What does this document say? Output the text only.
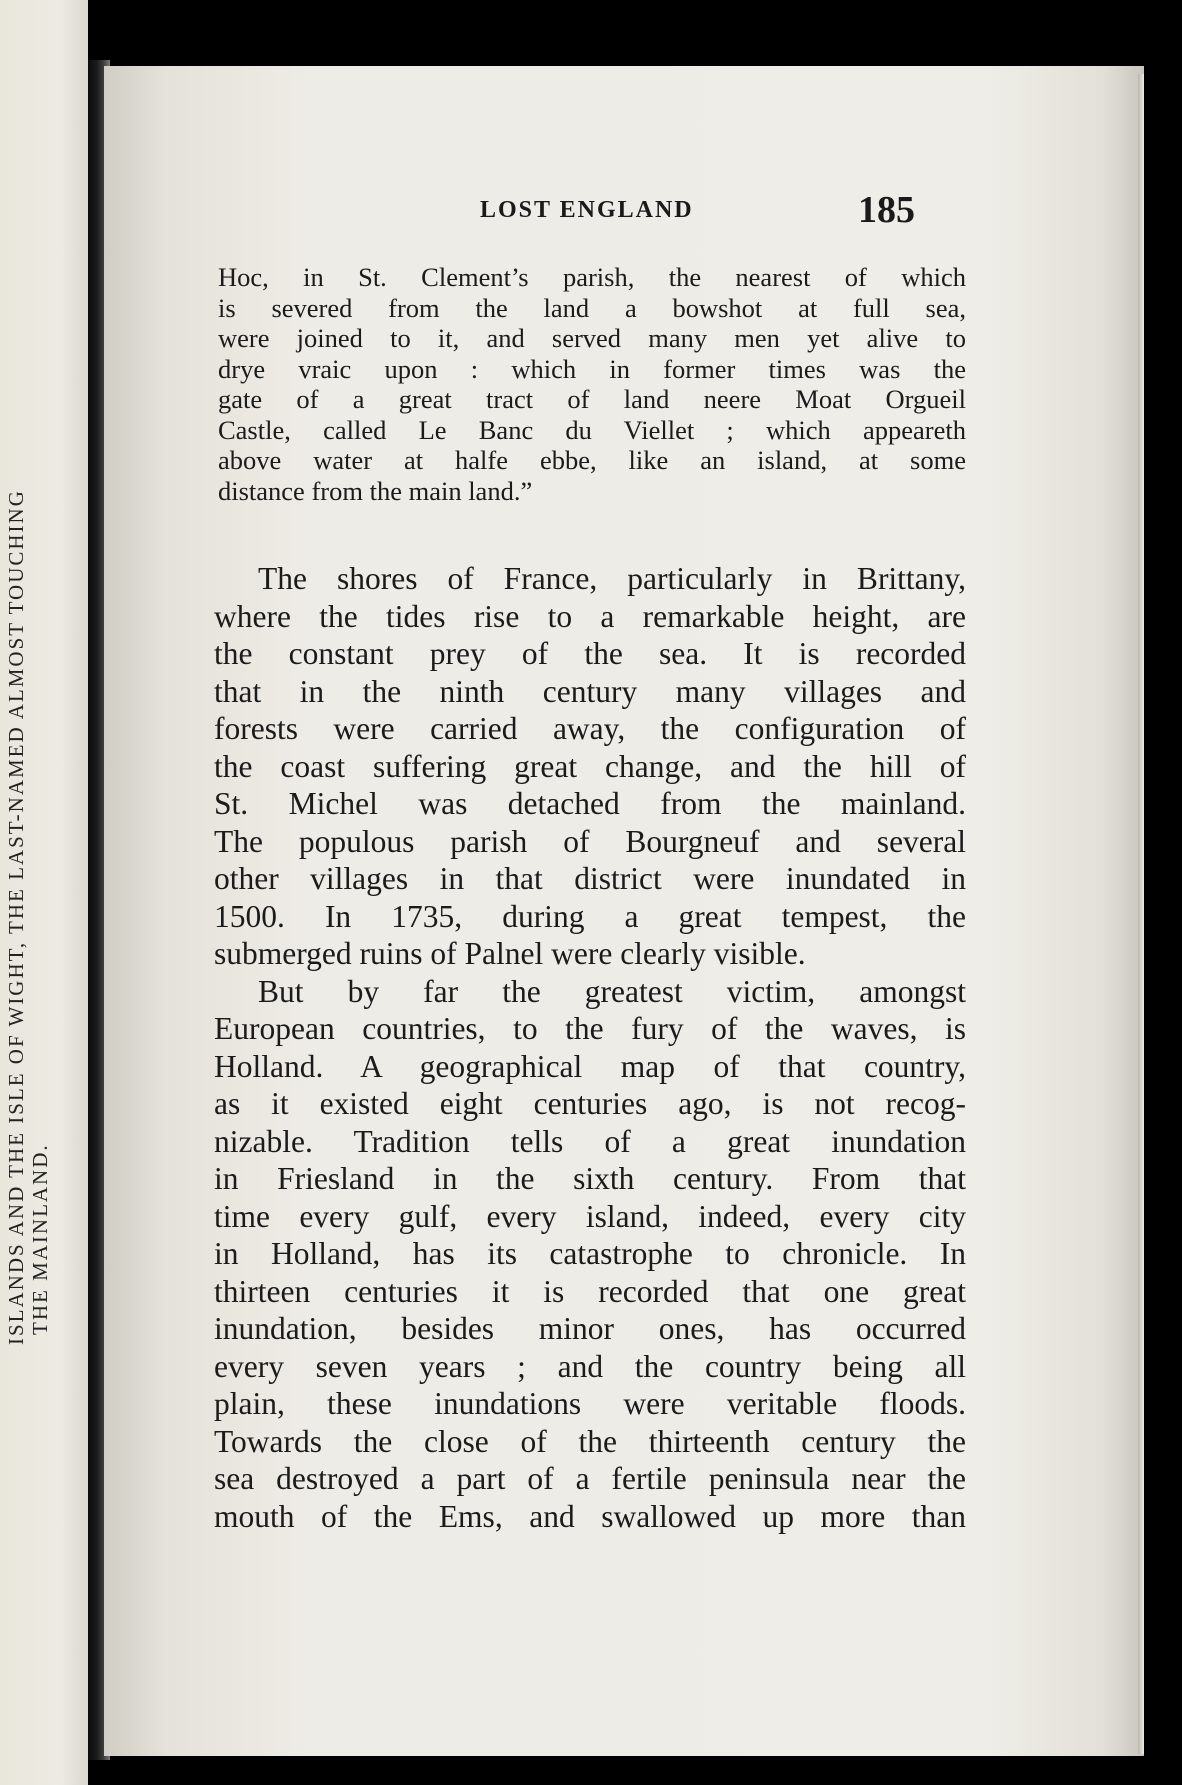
ISLANDS AND THE ISLE OF WIGHT, THE LAST-NAMED ALMOST TOUCHING THE MAINLAND.
LOST ENGLAND	185
Hoc, in St. Clement’s parish, the nearest of which
is severed from the land a bowshot at full sea,
were joined to it, and served many men yet alive to
drye vraic upon : which in former times was the
gate of a great tract of land neere Moat Orgueil
Castle, called Le Banc du Viellet ; which appeareth
above water at halfe ebbe, like an island, at some
distance from the main land.”
The shores of France, particularly in Brittany,
where the tides rise to a remarkable height, are
the constant prey of the sea. It is recorded
that in the ninth century many villages and
forests were carried away, the configuration of
the coast suffering great change, and the hill of
St. Michel was detached from the mainland.
The populous parish of Bourgneuf and several
other villages in that district were inundated in
1500. In 1735, during a great tempest, the
submerged ruins of Palnel were clearly visible.
But by far the greatest victim, amongst
European countries, to the fury of the waves, is
Holland. A geographical map of that country,
as it existed eight centuries ago, is not recog-
nizable. Tradition tells of a great inundation
in Friesland in the sixth century. From that
time every gulf, every island, indeed, every city
in Holland, has its catastrophe to chronicle. In
thirteen centuries it is recorded that one great
inundation, besides minor ones, has occurred
every seven years ; and the country being all
plain, these inundations were veritable floods.
Towards the close of the thirteenth century the
sea destroyed a part of a fertile peninsula near the
mouth of the Ems, and swallowed up more than
